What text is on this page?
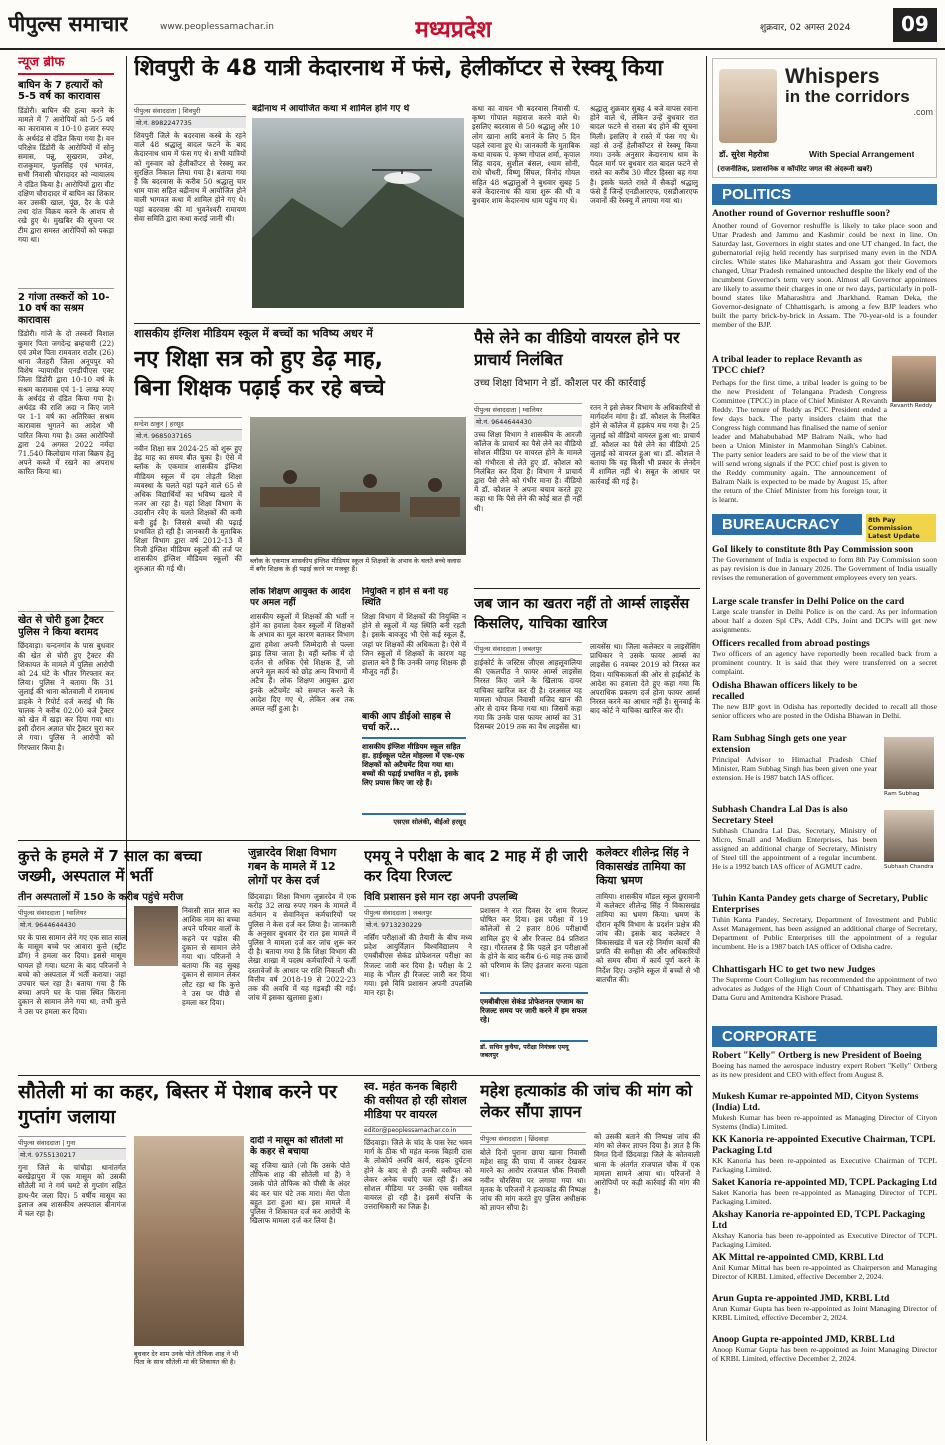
पीपुल्स समाचार	www.peoplessamachar.in	मध्यप्रदेश	शुक्रवार, 02 अगस्त 2024	09
न्यूज ब्रीफ
बाघिन के 7 हत्यारों को 5-5 वर्ष का कारावास
डिंडोरी। बाघिन की हत्या करने के मामले में 7 आरोपियों को 5-5 वर्ष का कारावास व 10-10 हजार रुपए के अर्थदंड से दंडित किया गया है। वन परिक्षेत्र डिंडोरी के आरोपियों में सोनू समास, पन्नू, सुखराम, उमेश, राजकुमार, फुलसिंह एवं भगवंत, सभी निवासी चौरादादर को न्यायालय ने दंडित किया है। आरोपियों द्वारा वीट दक्षिण चौरादादर में बाघिन का शिकार कर उसकी खाल, पूंछ, दैर के पंजे तथा दांत विक्रय करने के आशय से रखे हुए थे। मुखबिर की सूचना पर टीम द्वारा समस्त आरोपियों को पकड़ा गया था।
2 गांजा तस्करों को 10-10 वर्ष का सश्रम कारावास
डिंडोरी। गांजे के दो तस्करों विशाल कुमार पिता जगदेन्द्र ब्रम्हचारी (22) एवं उमेश पिता रामवतार राठौर (26) थाना जैतहरी जिला अनूपपुर को विशेष न्यायाधीश एनडीपीएस एक्ट जिला डिंडोरी द्वारा 10-10 वर्ष के सश्रम कारावास एवं 1-1 लाख रुपए के अर्थदंड से दंडित किया गया है। अर्थदंड की राशि अदा न किए जाने पर 1-1 वर्ष का अतिरिक्त सश्रम कारावास भुगतने का आदेश भी पारित किया गया है। उक्त आरोपियों द्वारा 24 अगस्त 2022 नर्मदा 71.540 किलोग्राम गांजा बिक्रय हेतु अपने कब्जे में रखने का अपराध कारित किया था।
खेत से चोरी हुआ ट्रैक्टर पुलिस ने किया बरामद
छिंदवाड़ा। चन्दनगांव के पास बुधवार की खेत से चोरी हुए ट्रैक्टर की शिकायत के मामले में पुलिस आरोपी को 24 घंटे के भीतर गिरफ्तार कर लिया। पुलिस ने बताया कि 31 जुलाई की थाना कोतवाली में रामनाथ डाहके ने रिपोर्ट दर्ज कराई थी कि चालक ने करीब 02.00 बजे ट्रैक्टर को खेत में खड़ा कर दिया गया था। इसी दौरान अज्ञात चोर ट्रैक्टर चुरा कर ले गया। पुलिस ने आरोपी को गिरफ्तार किया है।
शिवपुरी के 48 यात्री केदारनाथ में फंसे, हेलीकॉप्टर से रेस्क्यू किया
पीपुल्स संवाददाता | शिवपुरी
मो.नं. 8982247735
शिवपुरी जिले के बदरवास कस्बे के रहने वाले 48 श्रद्धालु बादल फटने के बाद केदारनाथ धाम में फंस गए थे। सभी यात्रियों को गुरुवार को हेलीकॉप्टर से रेस्क्यू कर सुरक्षित निकाल लिया गया है। बताया गया है कि बदरवास के करीब 50 श्रद्धालु चार धाम यात्रा सहित बद्रीनाथ में आयोजित होने वाली भागवत कथा में शामिल होने गए थे। यहां बदरवास की मां भुवनेश्वरी रामायण सेवा समिति द्वारा कथा कराई जानी थी।
बद्रीनाथ में आयोजित कथा में शामिल होने गए थे	कथा का वाचन भी बदरवास निवासी पं. कृष्ण गोपाल महाराज करने वाले थे। इसलिए बदरवास से 50 श्रद्धालु और 10 लोग खाना आदि बनाने के लिए 5 दिन पहले रवाना हुए थे। जानकारी के मुताबिक कथा वाचक पं. कृष्ण गोपाल शर्मा, कृपाल सिंह यादव, सुशील बंसल, श्याम सोनी, राधे चौधरी, विष्णु सिंघल, विनोद गोयल सहित 48 श्रद्धालुओं ने बुधवार सुबह 5 बजे केदारनाथ की यात्रा शुरू की थी व बुधवार शाम केदारनाथ धाम पहुंच गए थे।
श्रद्धालु शुक्रवार सुबह 4 बजे वापस रवाना होने वाले थे, लेकिन उन्हें बुधवार रात बादल फटने से रास्ता बंद होने की सूचना मिली। इसलिए वे रास्ते में फंस गए थे। वहां से उन्हें हेलीकॉप्टर से रेस्क्यू किया गया। उनके अनुसार केदारनाथ धाम के पैदल मार्ग पर बुधवार रात बादल फटने से रास्ते का करीब 30 मीटर हिस्सा बह गया है। इसके चलते रास्ते में सैकड़ों श्रद्धालु फंसे हैं जिन्हें एनडीआरएफ, एसडीआरएफ जवानों की रेस्क्यू में लगाया गया था।
शासकीय इंग्लिश मीडियम स्कूल में बच्चों का भविष्य अधर में
नए शिक्षा सत्र को हुए डेढ़ माह,
बिना शिक्षक पढ़ाई कर रहे बच्चे
सन्देश ठाकुर | हरसूद
मो.नं. 9685037165
नवीन शिक्षा सत्र 2024-25 को शुरू हुए डेढ़ माह का समय बीत चुका है। ऐसे में ब्लॉक के एकमात्र शासकीय इंग्लिश मीडियम स्कूल में दम तोड़ती शिक्षा व्यवस्था के चलते यहां पढ़ने वाले 65 से अधिक विद्यार्थियों का भविष्य खतरे में नजर आ रहा है। यहां शिक्षा विभाग के उदासीन रवैए के चलते शिक्षकों की कमी बनी हुई है। जिससे बच्चों की पढ़ाई प्रभावित हो रही है। जानकारी के मुताबिक शिक्षा विभाग द्वारा वर्ष 2012-13 में निजी इंग्लिश मीडियम स्कूलों की तर्ज पर शासकीय इंग्लिश मीडियम स्कूलों की शुरुआत की गई थी।
ब्लॉक के एकमात्र शासकीय इंग्लिश मीडियम स्कूल में शिक्षकों के अभाव के चलते बच्चे क्लास में बगैर शिक्षक के ही पढ़ाई करने पर मजबूर हैं।
लोक शिक्षण आयुक्त के आदेश पर अमल नहीं
शासकीय स्कूलों में शिक्षकों की भर्ती न होने का हवाला देकर स्कूलों में शिक्षकों के अभाव का मूल कारण बताकर विभाग द्वारा हमेशा अपनी जिम्मेदारी से पल्ला झाड़ लिया जाता है। वहीं ब्लॉक में दो दर्जन से अधिक ऐसे शिक्षक हैं, जो अपने मूल कार्य को छोड़ अन्य विभागों में अटैच हैं। लोक शिक्षण आयुक्त द्वारा इनके अटैचमेंट को समाप्त करने के आदेश दिए गए थे, लेकिन अब तक अमल नहीं हुआ है।
नियुक्ति न होने से बनी यह स्थिति
शिक्षा विभाग में शिक्षकों की नियुक्ति न होने से स्कूलों में यह स्थिति बनी रहती है। इसके बावजूद भी ऐसे कई स्कूल हैं, जहां पर शिक्षकों की अधिकता है। ऐसे में जिन स्कूलों में शिक्षकों के कारण यह हालात बने हैं कि उनकी जगह शिक्षक ही मौजूद नहीं हैं।
बाकी आप डीईओ साहब से चर्चा करें...
शासकीय इंग्लिश मीडियम स्कूल सहित हा. हाईस्कूल पटेल मोहल्ला में एक-एक शिक्षकों को अटैचमेंट दिया गया था। बच्चों की पढ़ाई प्रभावित न हो, इसके लिए प्रयास किए जा रहे हैं।
एसएस सोलंकी, बीईओ हरसूद
पैसे लेने का वीडियो वायरल होने पर प्राचार्य निलंबित
उच्च शिक्षा विभाग ने डॉ. कौशल पर की कार्रवाई
पीपुल्स संवाददाता | ग्वालियर
मो.नं. 9644644430
उच्च शिक्षा विभाग ने शासकीय के आरजी कॉलेज के प्राचार्य का पैसे लेने का वीडियो सोशल मीडिया पर वायरल होने के मामले को गंभीरता से लेते हुए डॉ. कौशल को निलंबित कर दिया है। विभाग ने प्राचार्य द्वारा पैसे लेने को गंभीर माना है। वीडियो में डॉ. कौशल ने अपना बचाव करते हुए कहा था कि पैसे लेने की कोई बात ही नहीं थी।
रतन ने इसे लेकर विभाग के अधिकारियों से मार्गदर्शन मांगा है। डॉ. कौशल के निलंबित होने से कॉलेज में हड़कंप मच गया है। 25 जुलाई को वीडियो वायरल हुआ था: प्राचार्य डॉ. कौशल का पैसे लेने का वीडियो 25 जुलाई को वायरल हुआ था। डॉ. कौशल ने बताया कि वह किसी भी प्रकार के लेनदेन में शामिल नहीं थे। सबूत के आधार पर कार्रवाई की गई है।
जब जान का खतरा नहीं तो आर्म्स लाइसेंस किसलिए, याचिका खारिज
पीपुल्स संवाददाता | जबलपुर
हाईकोर्ट के जस्टिस जीएस आहलूवालिया की एकलपीठ ने फायर आर्म्स लाइसेंस निरस्त किए जाने के खिलाफ दायर याचिका खारिज कर दी है। दरअसल यह मामला भोपाल निवासी मजिद खान की ओर से दायर किया गया था। जिसमें कहा गया कि उनके पास फायर आर्म्स का 31 दिसम्बर 2019 तक का वैध लाइसेंस था।
लायसेंस था। जिला कलेक्टर व लाइसेंसिंग प्राधिकार ने उसके फायर आर्म्स का लाइसेंस 6 नवम्बर 2019 को निरस्त कर दिया। याचिकाकर्ता की ओर से हाईकोर्ट के आदेश का हवाला देते हुए कहा गया कि अपराधिक प्रकरण दर्ज होना फायर आर्म्स निरस्त करने का आधार नहीं है। सुनवाई के बाद कोर्ट ने याचिका खारिज कर दी।
कुत्ते के हमले में 7 साल का बच्चा जख्मी, अस्पताल में भर्ती
तीन अस्पतालों में 150 के करीब पहुंचे मरीज
पीपुल्स संवाददाता | ग्वालियर
मो.नं. 9644644430
घर के पास सामान लेने गए एक सात साल के मासूम बच्चे पर आवारा कुत्ते (स्ट्रीट डॉग) ने हमला कर दिया। इससे मासूम घायल हो गया। घटना के बाद परिजनों ने बच्चे को अस्पताल में भर्ती कराया। जहां उपचार चल रहा है। बताया गया है कि बच्चा अपने घर के पास स्थित किराना दुकान से सामान लेने गया था, तभी कुत्ते ने उस पर हमला कर दिया।
निवासी सात साल का आशिक नाम का बच्चा अपने परिवार वालों के कहने पर पड़ोस की दुकान से सामान लेने गया था। परिजनों ने बताया कि वह सुबह दुकान से सामान लेकर लौट रहा था कि कुत्ते ने उस पर पीछे से हमला कर दिया।
जुन्नारदेव शिक्षा विभाग गबन के मामले में 12 लोगों पर केस दर्ज
छिंदवाड़ा। शिक्षा विभाग जुन्नारदेव में एक करोड़ 32 लाख रुपए गबन के मामले में वर्तमान व सेवानिवृत्त कर्मचारियों पर पुलिस ने केस दर्ज कर लिया है। जानकारी के अनुसार बुधवार देर रात इस मामले में पुलिस ने मामला दर्ज कर जांच शुरू कर दी है। बताया गया है कि शिक्षा विभाग की लेखा शाखा में पदस्थ कर्मचारियों ने फर्जी दस्तावेजों के आधार पर राशि निकाली थी। वित्तीय वर्ष 2018-19 से 2022-23 तक की अवधि में यह गड़बड़ी की गई। जांच में इसका खुलासा हुआ।
एमयू ने परीक्षा के बाद 2 माह में ही जारी कर दिया रिजल्ट
विवि प्रशासन इसे मान रहा अपनी उपलब्धि
पीपुल्स संवाददाता | जबलपुर
मो.नं. 9713230229
नर्सिंग परीक्षाओं की तैयारी के बीच मध्य प्रदेश आयुर्विज्ञान विश्वविद्यालय ने एमबीबीएस सेकंड प्रोफेशनल परीक्षा का रिजल्ट जारी कर दिया है। परीक्षा के 2 माह के भीतर ही रिजल्ट जारी कर दिया गया। इसे विवि प्रशासन अपनी उपलब्धि मान रहा है।
प्रशासन ने रात दिवस देर शाम रिजल्ट घोषित कर दिया। इस परीक्षा में 19 कॉलेजों से 2 हजार 806 परीक्षार्थी शामिल हुए थे और रिजल्ट 84 प्रतिशत रहा। गौरतलब है कि पहले इन परीक्षाओं के होने के बाद करीब 6-6 माह तक छात्रों को परिणाम के लिए इंतजार करना पड़ता था।
एमबीबीएस सेकंड प्रोफेशनल एग्जाम का रिजल्ट समय पर जारी करने में हम सफल रहे।
डॉ. सचिन कुचैया, परीक्षा नियंत्रक एमयू जबलपुर
कलेक्टर शीलेन्द्र सिंह ने विकासखंड तामिया का किया भ्रमण
तामिया। शासकीय मॉडल स्कूल छुरावानी में कलेक्टर शीलेन्द्र सिंह ने विकासखंड तामिया का भ्रमण किया। भ्रमण के दौरान कृषि विभाग के प्रदर्शन प्रक्षेत्र की जांच की। इसके बाद कलेक्टर ने विकासखंड में चल रहे निर्माण कार्यों की प्रगति की समीक्षा की और अधिकारियों को समय सीमा में कार्य पूर्ण करने के निर्देश दिए। उन्होंने स्कूल में बच्चों से भी बातचीत की।
सौतेली मां का कहर, बिस्तर में पेशाब करने पर गुप्तांग जलाया
पीपुल्स संवाददाता | गुना
मो.नं. 9755130217
गुना जिले के चांचौड़ा थानांतर्गत बरखेड़ापुरा में एक मासूम को उसकी सौतेली मां ने गर्म चमटे से गुप्तांग सहित हाथ-पैर जला दिए। 5 वर्षीय मासूम का इलाज अब शासकीय अस्पताल बीनागंज में चल रहा है।
बुधवार देर शाम उनके पोते तौफिक शाह ने भी पिता के साथ सौतेली मां की शिकायत की है।
दादी ने मासूम को सौतेली मां के कहर से बचाया
बहू रजिया खाते (जो कि उसके पोते तौफिक शाह की सौतेली मां है) ने उसके पोते तौफिक को पीसी के अंदर बंद कर चार घंटे तक मारा। मेरा पोता बहुत डरा हुआ था। इस मामले में पुलिस ने शिकायत दर्ज कर आरोपी के खिलाफ मामला दर्ज कर लिया है।
स्व. महंत कनक बिहारी की वसीयत हो रही सोशल मीडिया पर वायरल
editor@peoplessamachar.co.in
छिंदवाड़ा। जिले के चांद के पास रेस्ट भवन मार्ग के ठीक भी महंत कनक बिहारी दास के लोकोर्प अवधि कार्य, सड़क दुर्घटना होने के बाद से ही उनकी वसीयत को लेकर अनेक चर्चाएं चल रही हैं। अब सोशल मीडिया पर उनकी एक वसीयत वायरल हो रही है। इसमें संपत्ति के उत्तराधिकारी का जिक्र है।
महेश हत्याकांड की जांच की मांग को लेकर सौंपा ज्ञापन
पीपुल्स संवाददाता | छिंदवाड़ा
बोले दिनों पुराना छापा खाना निवासी महेश साहू की पाया में जाकर देखकर मारने का आरोप राजपाल चौक निवासी नवीन चौरसिया पर लगाया गया था। मृतक के परिजनों ने हत्याकांड की निष्पक्ष जांच की मांग करते हुए पुलिस अधीक्षक को ज्ञापन सौंपा है।
को उसकी बताने की निष्पक्ष जांच की मांग को लेकर ज्ञापन दिया है। ज्ञात है कि विगत दिनों छिंदवाड़ा जिले के कोतवाली थाना के अंतर्गत राजपाल चौक में एक मामला सामने आया था। परिजनों ने आरोपियों पर कड़ी कार्रवाई की मांग की है।
Whispers
in the corridors
.com
डॉ. सुरेश मेहरोत्रा	With Special Arrangement
(राजनीतिक, प्रशासनिक व कॉर्पोरेट जगत की अंदरूनी खबरें)
POLITICS
Another round of Governor reshuffle soon?
Another round of Governor reshuffle is likely to take place soon and Uttar Pradesh and Jammu and Kashmir could be next in line. On Saturday last, Governors in eight states and one UT changed. In fact, the gubernatorial rejig held recently has surprised many even in the NDA circles. While states like Maharashtra and Assam got their Governors changed, Uttar Pradesh remained untouched despite the likely end of the incumbent Governor's term very soon. Almost all Governor appointees are likely to assume their charges in one or two days, particularly in poll-bound states like Maharashtra and Jharkhand. Raman Deka, the Governor-designate of Chhattisgarh, is among a few BJP leaders who built the party brick-by-brick in Assam. The 70-year-old is a founder member of the BJP.
A tribal leader to replace Revanth as TPCC chief?
Revanth Reddy
Perhaps for the first time, a tribal leader is going to be the new President of Telangana Pradesh Congress Committee (TPCC) in place of Chief Minister A Revanth Reddy. The tenure of Reddy as PCC President ended a few days back. The party insiders claim that the Congress high command has finalised the name of senior leader and Mahabubabad MP Balram Naik, who had been a Union Minister in Manmohan Singh's Cabinet. The party senior leaders are said to be of the view that it will send wrong signals if the PCC chief post is given to the Reddy community again. The announcement of Balram Naik is expected to be made by August 15, after the return of the Chief Minister from his foreign tour, it is learnt.
BUREAUCRACY	8th Pay Commission Latest Update
GoI likely to constitute 8th Pay Commission soon
The Government of India is expected to form 8th Pay Commission soon as pay revision is due in January 2026. The Government of India usually revises the remuneration of government employees every ten years.
Large scale transfer in Delhi Police on the card
Large scale transfer in Delhi Police is on the card. As per information about half a dozen Spl CPs, Addl CPs, Joint and DCPs will get new assignments.
Officers recalled from abroad postings
Two officers of an agency have reportedly been recalled back from a prominent country. It is said that they were transferred on a secret complaint.
Odisha Bhawan officers likely to be recalled
The new BJP govt in Odisha has reportedly decided to recall all those senior officers who are posted in the Odisha Bhawan in Delhi.
Ram Subhag Singh gets one year extension
Principal Advisor to Himachal Pradesh Chief Minister, Ram Subhag Singh has been given one year extension. He is 1987 batch IAS officer.
Ram Subhag
Subhash Chandra Lal Das is also Secretary Steel
Subhash Chandra Lal Das, Secretary, Ministry of Micro, Small and Medium Enterprises, has been assigned an additional charge of Secretary, Ministry of Steel till the appointment of a regular incumbent. He is a 1992 batch IAS officer of AGMUT cadre.	Subhash Chandra
Tuhin Kanta Pandey gets charge of Secretary, Public Enterprises
Tuhin Kanta Pandey, Secretary, Department of Investment and Public Asset Management, has been assigned an additional charge of Secretary, Department of Public Enterprises till the appointment of a regular incumbent. He is a 1987 batch IAS officer of Odisha cadre.
Chhattisgarh HC to get two new Judges
The Supreme Court Collegium has recommended the appointment of two advocates as Judges of the High Court of Chhattisgarh. They are: Bibhu Datta Guru and Amitendra Kishore Prasad.
CORPORATE
Robert "Kelly" Ortberg is new President of Boeing
Boeing has named the aerospace industry expert Robert "Kelly" Ortberg as its new president and CEO with effect from August 8.
Mukesh Kumar re-appointed MD, Cityon Systems (India) Ltd.
Mukesh Kumar has been re-appointed as Managing Director of Cityon Systems (India) Limited.
KK Kanoria re-appointed Executive Chairman, TCPL Packaging Ltd
KK Kanoria has been re-appointed as Executive Chairman of TCPL Packaging Limited.
Saket Kanoria re-appointed MD, TCPL Packaging Ltd
Saket Kanoria has been re-appointed as Managing Director of TCPL Packaging Limited.
Akshay Kanoria re-appointed ED, TCPL Packaging Ltd
Akshay Kanoria has been re-appointed as Executive Director of TCPL Packaging Limited.
AK Mittal re-appointed CMD, KRBL Ltd
Anil Kumar Mittal has been re-appointed as Chairperson and Managing Director of KRBL Limited, effective December 2, 2024.
Arun Gupta re-appointed JMD, KRBL Ltd
Arun Kumar Gupta has been re-appointed as Joint Managing Director of KRBL Limited, effective December 2, 2024.
Anoop Gupta re-appointed JMD, KRBL Ltd
Anoop Kumar Gupta has been re-appointed as Joint Managing Director of KRBL Limited, effective December 2, 2024.
